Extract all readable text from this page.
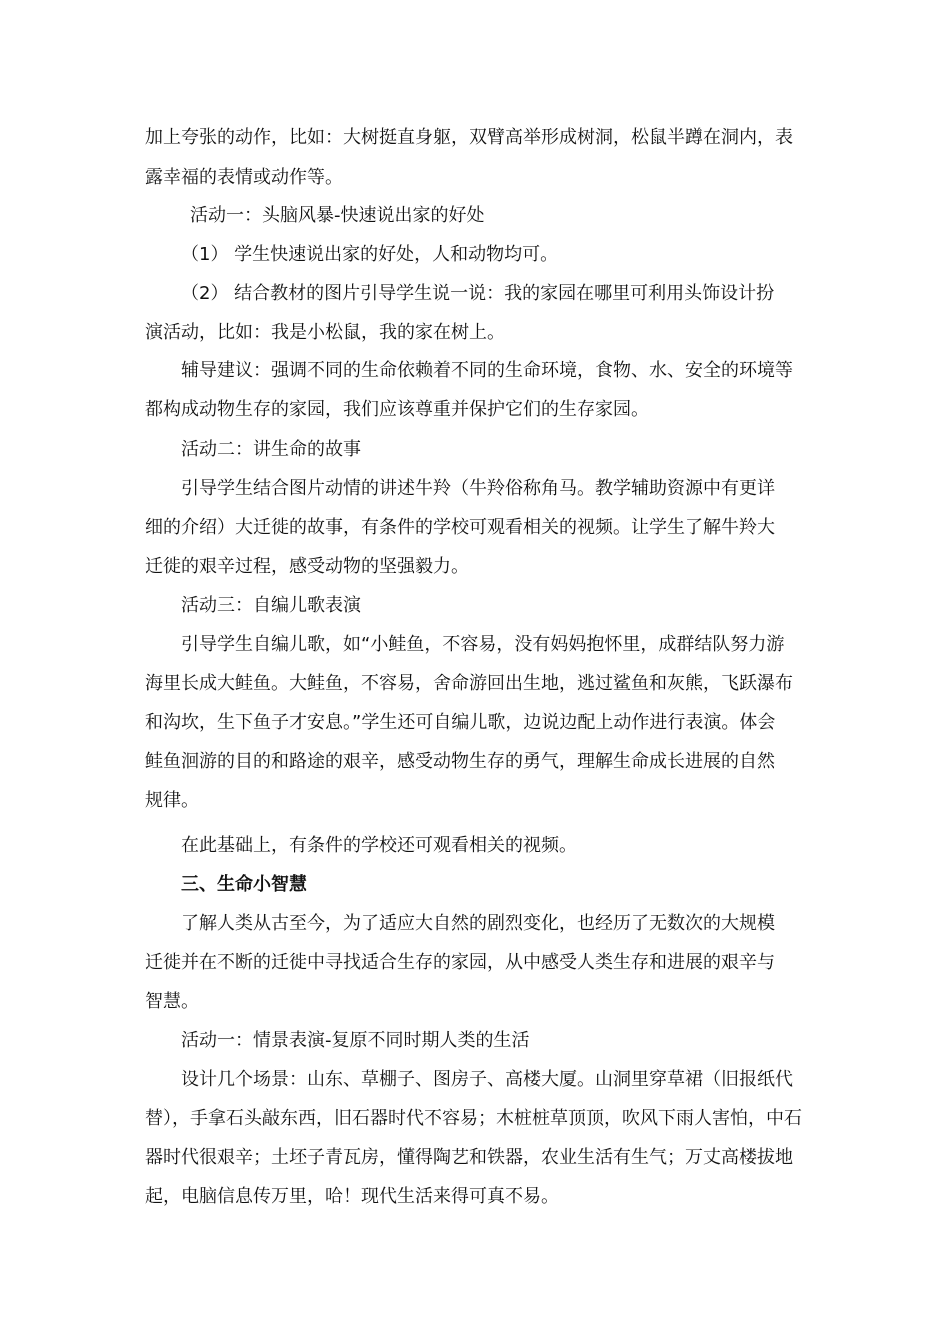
加上夸张的动作，比如：大树挺直身躯，双臂高举形成树洞，松鼠半蹲在洞内，表
露幸福的表情或动作等。
活动一：头脑风暴-快速说出家的好处
（1） 学生快速说出家的好处，人和动物均可。
（2） 结合教材的图片引导学生说一说：我的家园在哪里可利用头饰设计扮
演活动，比如：我是小松鼠，我的家在树上。
辅导建议：强调不同的生命依赖着不同的生命环境，食物、水、安全的环境等
都构成动物生存的家园，我们应该尊重并保护它们的生存家园。
活动二：讲生命的故事
引导学生结合图片动情的讲述牛羚（牛羚俗称角马。教学辅助资源中有更详
细的介绍）大迁徙的故事，有条件的学校可观看相关的视频。让学生了解牛羚大
迁徙的艰辛过程，感受动物的坚强毅力。
活动三：自编儿歌表演
引导学生自编儿歌，如“小鲑鱼，不容易，没有妈妈抱怀里，成群结队努力游
海里长成大鲑鱼。大鲑鱼，不容易，舍命游回出生地，逃过鲨鱼和灰熊，飞跃瀑布
和沟坎，生下鱼子才安息。”学生还可自编儿歌，边说边配上动作进行表演。体会
鲑鱼洄游的目的和路途的艰辛，感受动物生存的勇气，理解生命成长进展的自然
规律。
在此基础上，有条件的学校还可观看相关的视频。
三、生命小智慧
了解人类从古至今，为了适应大自然的剧烈变化，也经历了无数次的大规模
迁徙并在不断的迁徙中寻找适合生存的家园，从中感受人类生存和进展的艰辛与
智慧。
活动一：情景表演-复原不同时期人类的生活
设计几个场景：山东、草棚子、图房子、高楼大厦。山洞里穿草裙（旧报纸代
替），手拿石头敲东西，旧石器时代不容易；木桩桩草顶顶，吹风下雨人害怕，中石
器时代很艰辛；土坯子青瓦房，懂得陶艺和铁器，农业生活有生气；万丈高楼拔地
起，电脑信息传万里，哈！现代生活来得可真不易。
